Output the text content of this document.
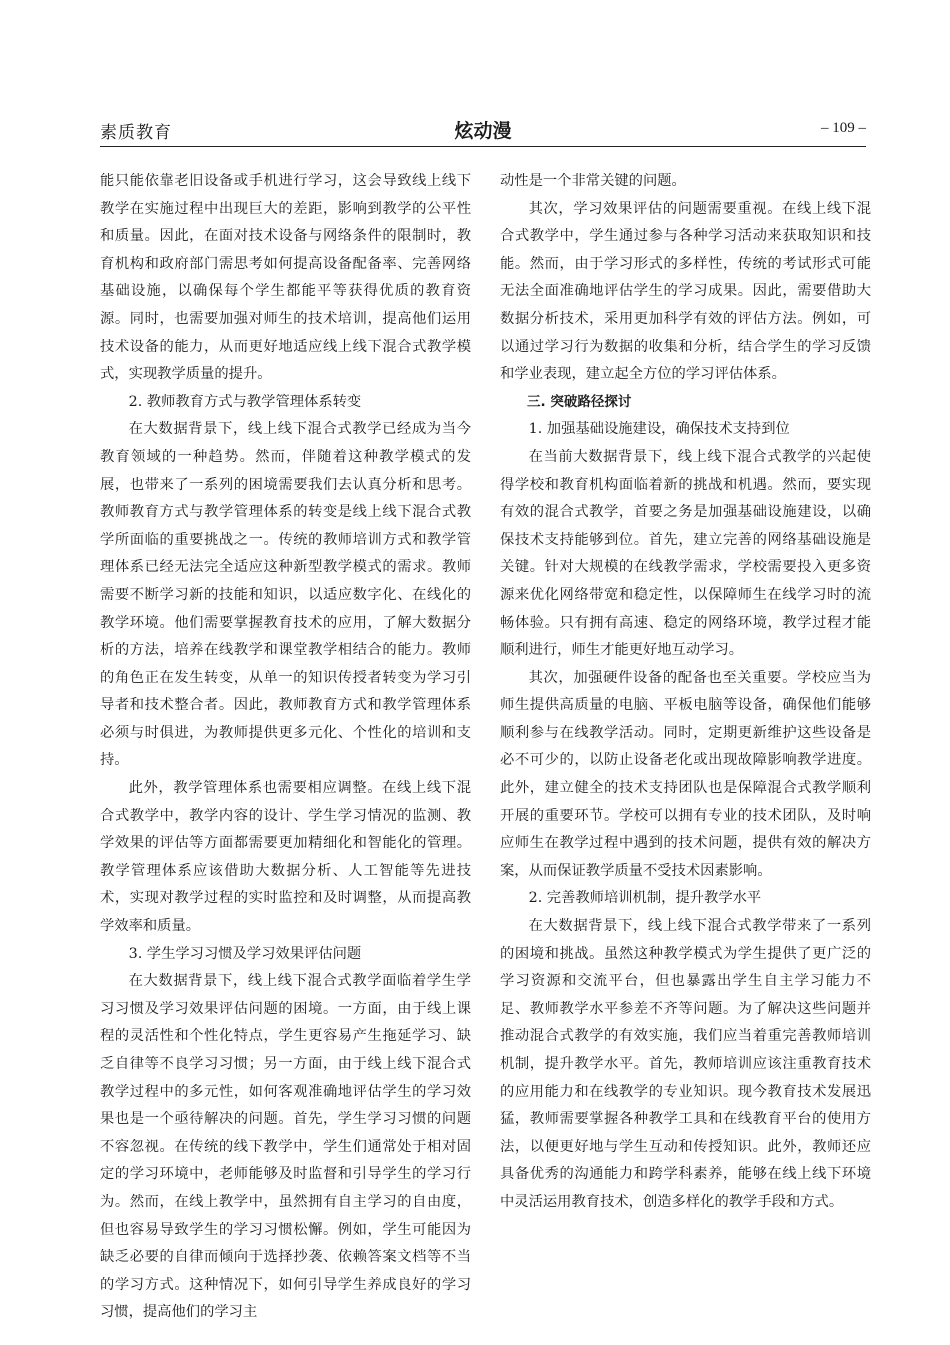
素质教育	炫动漫	– 109 –

能只能依靠老旧设备或手机进行学习，这会导致线上线下教学在实施过程中出现巨大的差距，影响到教学的公平性和质量。因此，在面对技术设备与网络条件的限制时，教育机构和政府部门需思考如何提高设备配备率、完善网络基础设施，以确保每个学生都能平等获得优质的教育资源。同时，也需要加强对师生的技术培训，提高他们运用技术设备的能力，从而更好地适应线上线下混合式教学模式，实现教学质量的提升。

2. 教师教育方式与教学管理体系转变

在大数据背景下，线上线下混合式教学已经成为当今教育领域的一种趋势。然而，伴随着这种教学模式的发展，也带来了一系列的困境需要我们去认真分析和思考。教师教育方式与教学管理体系的转变是线上线下混合式教学所面临的重要挑战之一。传统的教师培训方式和教学管理体系已经无法完全适应这种新型教学模式的需求。教师需要不断学习新的技能和知识，以适应数字化、在线化的教学环境。他们需要掌握教育技术的应用，了解大数据分析的方法，培养在线教学和课堂教学相结合的能力。教师的角色正在发生转变，从单一的知识传授者转变为学习引导者和技术整合者。因此，教师教育方式和教学管理体系必须与时俱进，为教师提供更多元化、个性化的培训和支持。

此外，教学管理体系也需要相应调整。在线上线下混合式教学中，教学内容的设计、学生学习情况的监测、教学效果的评估等方面都需要更加精细化和智能化的管理。教学管理体系应该借助大数据分析、人工智能等先进技术，实现对教学过程的实时监控和及时调整，从而提高教学效率和质量。

3. 学生学习习惯及学习效果评估问题

在大数据背景下，线上线下混合式教学面临着学生学习习惯及学习效果评估问题的困境。一方面，由于线上课程的灵活性和个性化特点，学生更容易产生拖延学习、缺乏自律等不良学习习惯；另一方面，由于线上线下混合式教学过程中的多元性，如何客观准确地评估学生的学习效果也是一个亟待解决的问题。首先，学生学习习惯的问题不容忽视。在传统的线下教学中，学生们通常处于相对固定的学习环境中，老师能够及时监督和引导学生的学习行为。然而，在线上教学中，虽然拥有自主学习的自由度，但也容易导致学生的学习习惯松懈。例如，学生可能因为缺乏必要的自律而倾向于选择抄袭、依赖答案文档等不当的学习方式。这种情况下，如何引导学生养成良好的学习习惯，提高他们的学习主

动性是一个非常关键的问题。

其次，学习效果评估的问题需要重视。在线上线下混合式教学中，学生通过参与各种学习活动来获取知识和技能。然而，由于学习形式的多样性，传统的考试形式可能无法全面准确地评估学生的学习成果。因此，需要借助大数据分析技术，采用更加科学有效的评估方法。例如，可以通过学习行为数据的收集和分析，结合学生的学习反馈和学业表现，建立起全方位的学习评估体系。

三. 突破路径探讨

1. 加强基础设施建设，确保技术支持到位

在当前大数据背景下，线上线下混合式教学的兴起使得学校和教育机构面临着新的挑战和机遇。然而，要实现有效的混合式教学，首要之务是加强基础设施建设，以确保技术支持能够到位。首先，建立完善的网络基础设施是关键。针对大规模的在线教学需求，学校需要投入更多资源来优化网络带宽和稳定性，以保障师生在线学习时的流畅体验。只有拥有高速、稳定的网络环境，教学过程才能顺利进行，师生才能更好地互动学习。

其次，加强硬件设备的配备也至关重要。学校应当为师生提供高质量的电脑、平板电脑等设备，确保他们能够顺利参与在线教学活动。同时，定期更新维护这些设备是必不可少的，以防止设备老化或出现故障影响教学进度。此外，建立健全的技术支持团队也是保障混合式教学顺利开展的重要环节。学校可以拥有专业的技术团队，及时响应师生在教学过程中遇到的技术问题，提供有效的解决方案，从而保证教学质量不受技术因素影响。

2. 完善教师培训机制，提升教学水平

在大数据背景下，线上线下混合式教学带来了一系列的困境和挑战。虽然这种教学模式为学生提供了更广泛的学习资源和交流平台，但也暴露出学生自主学习能力不足、教师教学水平参差不齐等问题。为了解决这些问题并推动混合式教学的有效实施，我们应当着重完善教师培训机制，提升教学水平。首先，教师培训应该注重教育技术的应用能力和在线教学的专业知识。现今教育技术发展迅猛，教师需要掌握各种教学工具和在线教育平台的使用方法，以便更好地与学生互动和传授知识。此外，教师还应具备优秀的沟通能力和跨学科素养，能够在线上线下环境中灵活运用教育技术，创造多样化的教学手段和方式。
